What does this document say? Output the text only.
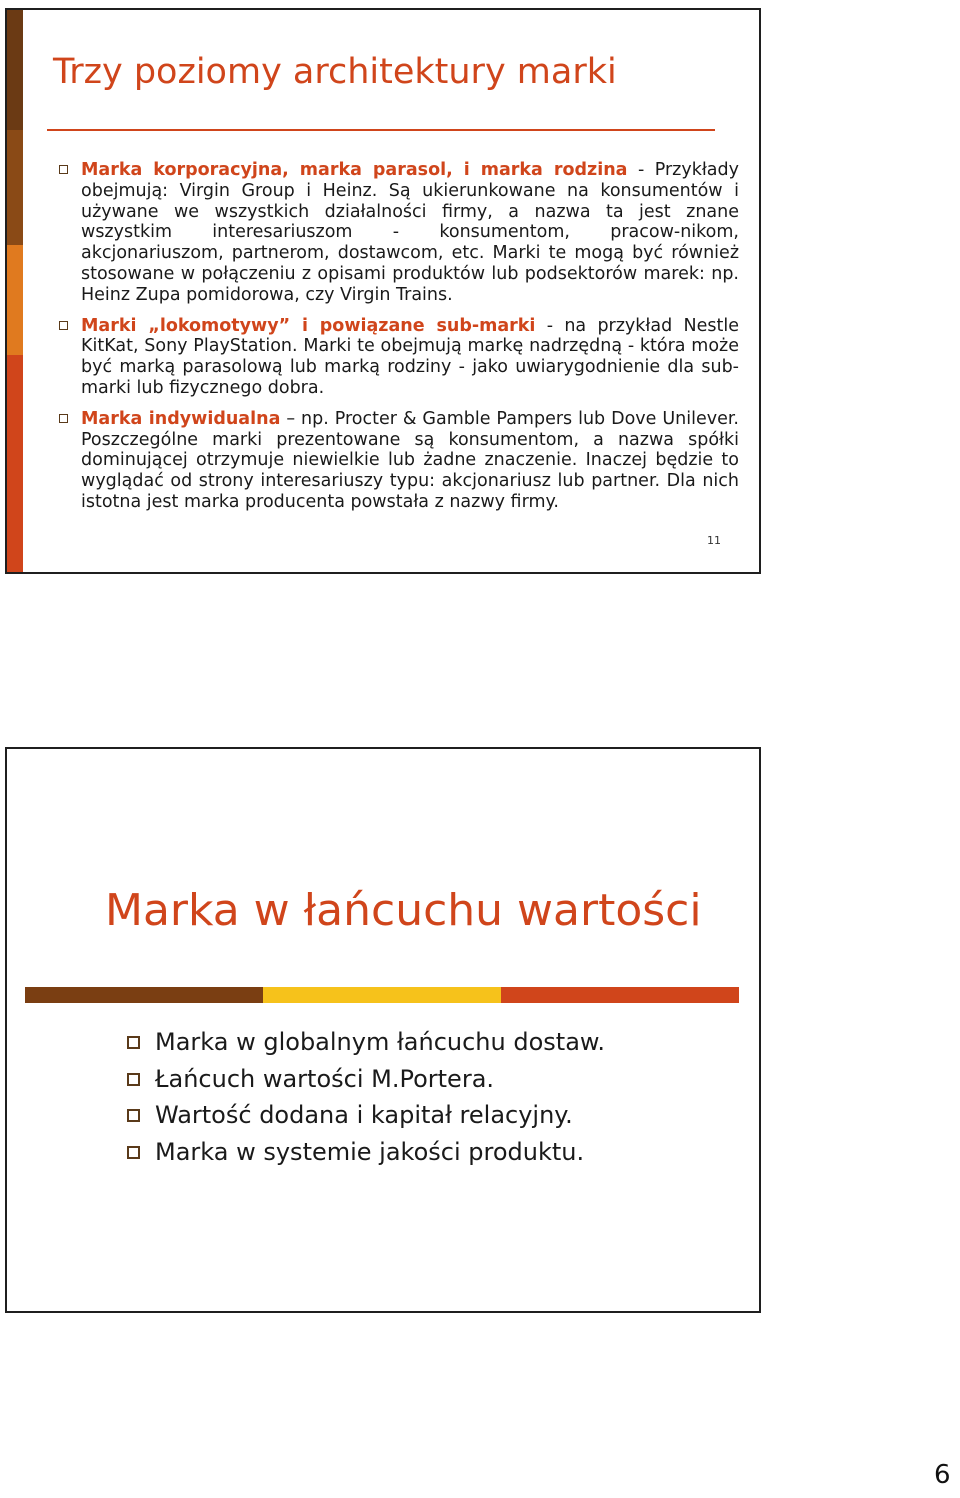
Trzy poziomy architektury marki
Marka korporacyjna, marka parasol, i marka rodzina - Przykłady obejmują: Virgin Group i Heinz. Są ukierunkowane na konsumentów i używane we wszystkich działalności firmy, a nazwa ta jest znane wszystkim interesariuszom - konsumentom, pracow-nikom, akcjonariuszom, partnerom, dostawcom, etc. Marki te mogą być również stosowane w połączeniu z opisami produktów lub podsektorów marek: np. Heinz Zupa pomidorowa, czy Virgin Trains.
Marki „lokomotywy” i powiązane sub-marki - na przykład Nestle KitKat, Sony PlayStation. Marki te obejmują markę nadrzędną - która może być marką parasolową lub marką rodziny - jako uwiarygodnienie dla sub-marki lub fizycznego dobra.
Marka indywidualna – np. Procter & Gamble Pampers lub Dove Unilever. Poszczególne marki prezentowane są konsumentom, a nazwa spółki dominującej otrzymuje niewielkie lub żadne znaczenie. Inaczej będzie to wyglądać od strony interesariuszy typu: akcjonariusz lub partner. Dla nich istotna jest marka producenta powstała z nazwy firmy.
11
Marka w łańcuchu wartości
Marka w globalnym łańcuchu dostaw.
Łańcuch wartości M.Portera.
Wartość dodana i kapitał relacyjny.
Marka w systemie jakości produktu.
6
